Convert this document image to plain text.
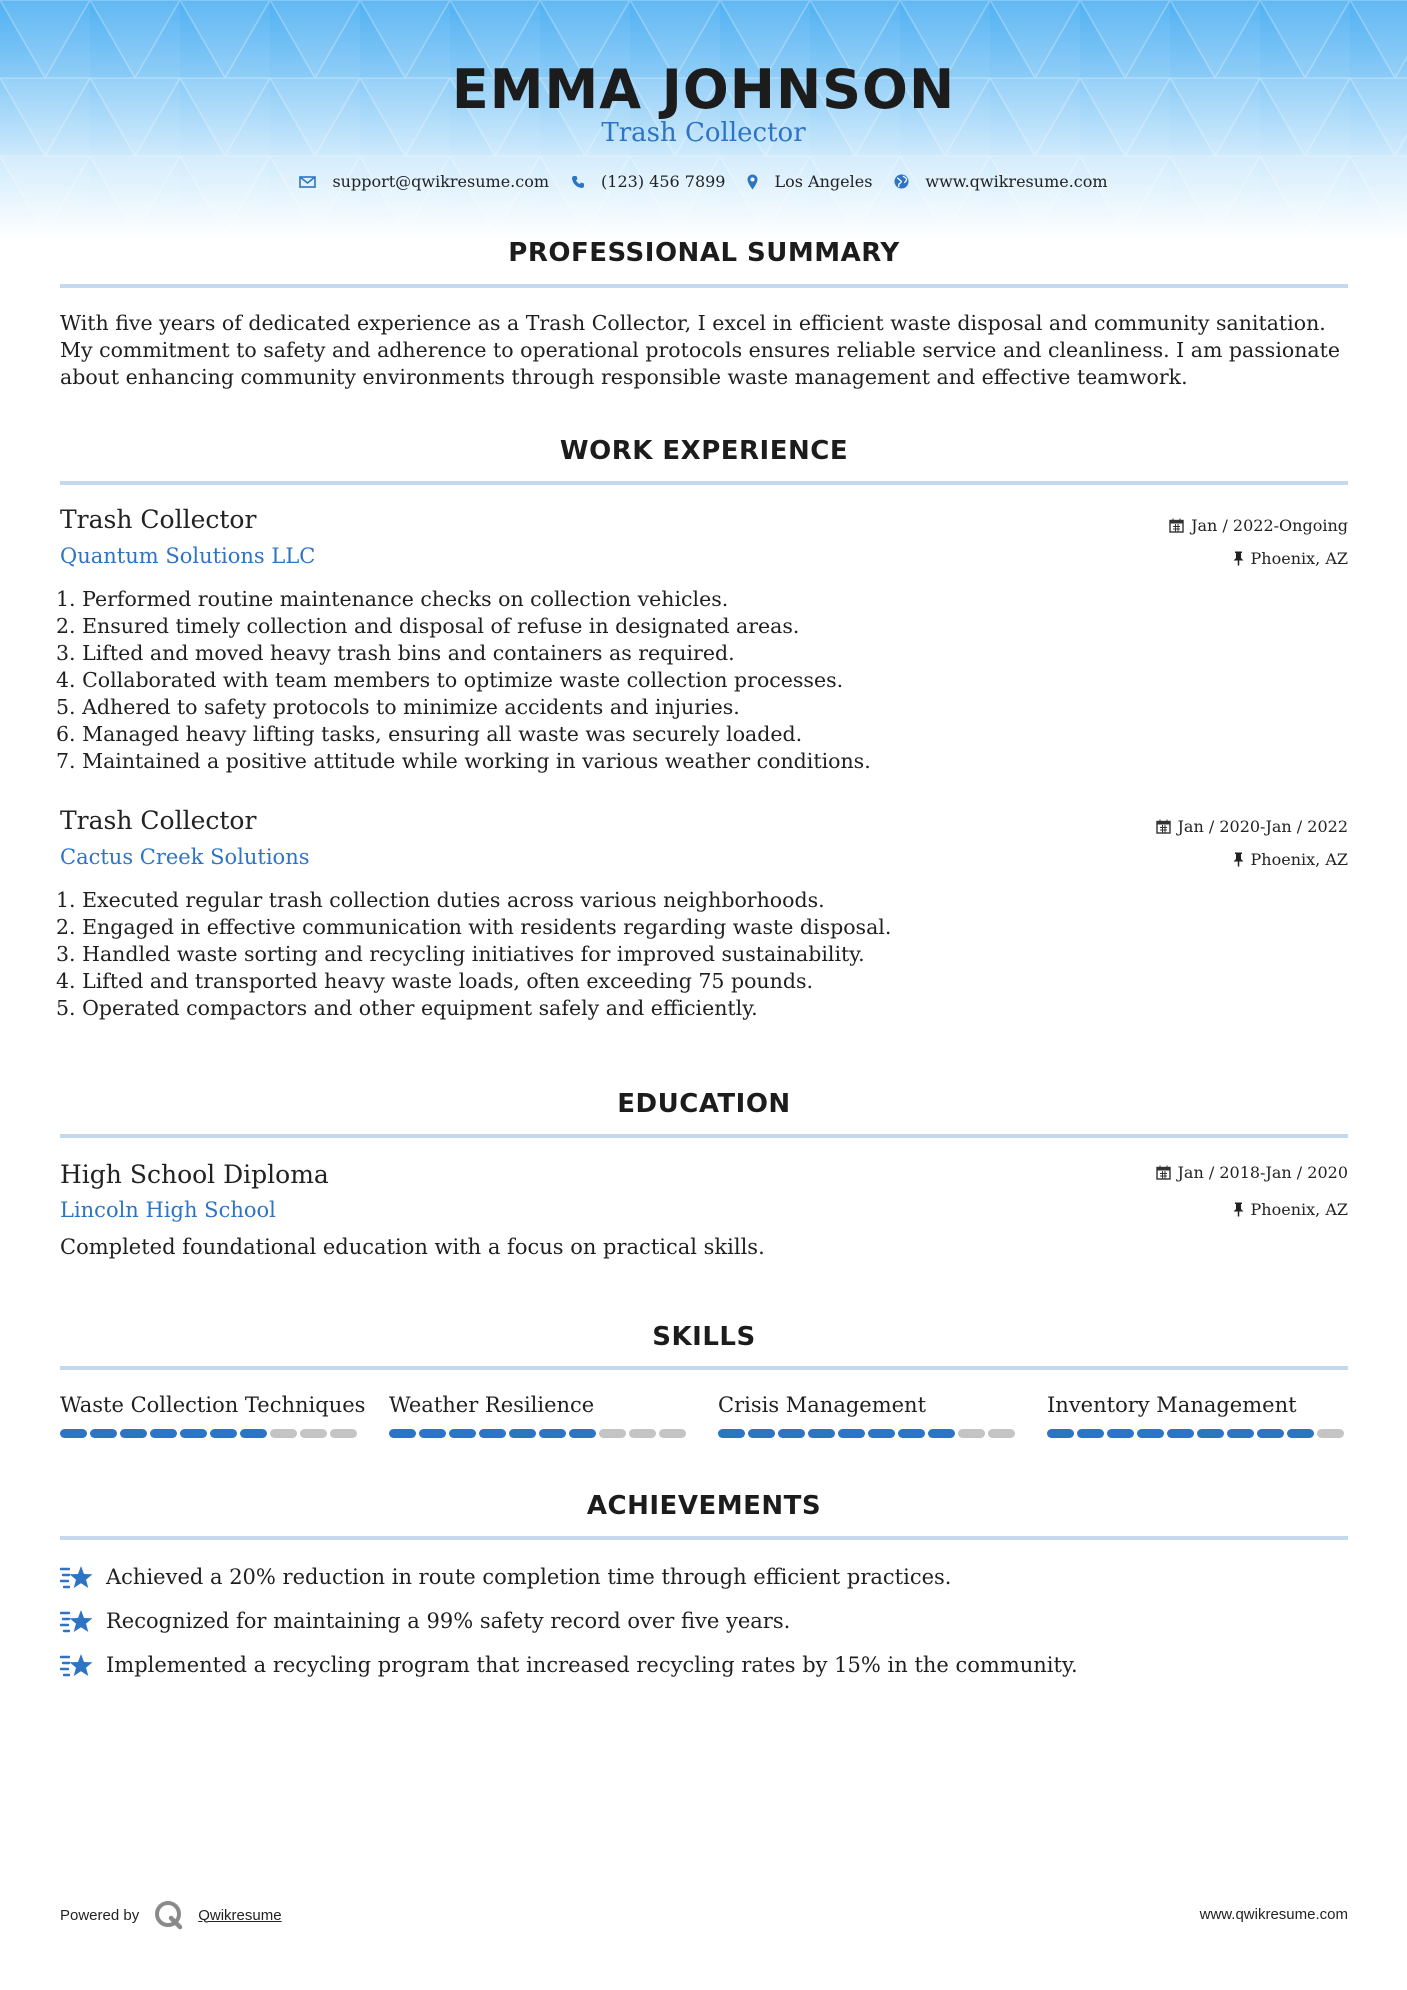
EMMA JOHNSON
Trash Collector
support@qwikresume.com	(123) 456 7899	Los Angeles	www.qwikresume.com
PROFESSIONAL SUMMARY
With five years of dedicated experience as a Trash Collector, I excel in efficient waste disposal and community sanitation. My commitment to safety and adherence to operational protocols ensures reliable service and cleanliness. I am passionate about enhancing community environments through responsible waste management and effective teamwork.
WORK EXPERIENCE
Trash Collector	Jan / 2022-Ongoing
Quantum Solutions LLC	Phoenix, AZ
1. Performed routine maintenance checks on collection vehicles.
2. Ensured timely collection and disposal of refuse in designated areas.
3. Lifted and moved heavy trash bins and containers as required.
4. Collaborated with team members to optimize waste collection processes.
5. Adhered to safety protocols to minimize accidents and injuries.
6. Managed heavy lifting tasks, ensuring all waste was securely loaded.
7. Maintained a positive attitude while working in various weather conditions.
Trash Collector	Jan / 2020-Jan / 2022
Cactus Creek Solutions	Phoenix, AZ
1. Executed regular trash collection duties across various neighborhoods.
2. Engaged in effective communication with residents regarding waste disposal.
3. Handled waste sorting and recycling initiatives for improved sustainability.
4. Lifted and transported heavy waste loads, often exceeding 75 pounds.
5. Operated compactors and other equipment safely and efficiently.
EDUCATION
High School Diploma	Jan / 2018-Jan / 2020
Lincoln High School	Phoenix, AZ
Completed foundational education with a focus on practical skills.
SKILLS
Waste Collection Techniques Weather Resilience	Crisis Management	Inventory Management
ACHIEVEMENTS
Achieved a 20% reduction in route completion time through efficient practices.
Recognized for maintaining a 99% safety record over five years.
Implemented a recycling program that increased recycling rates by 15% in the community.
Powered by	Qwikresume	www.qwikresume.com
